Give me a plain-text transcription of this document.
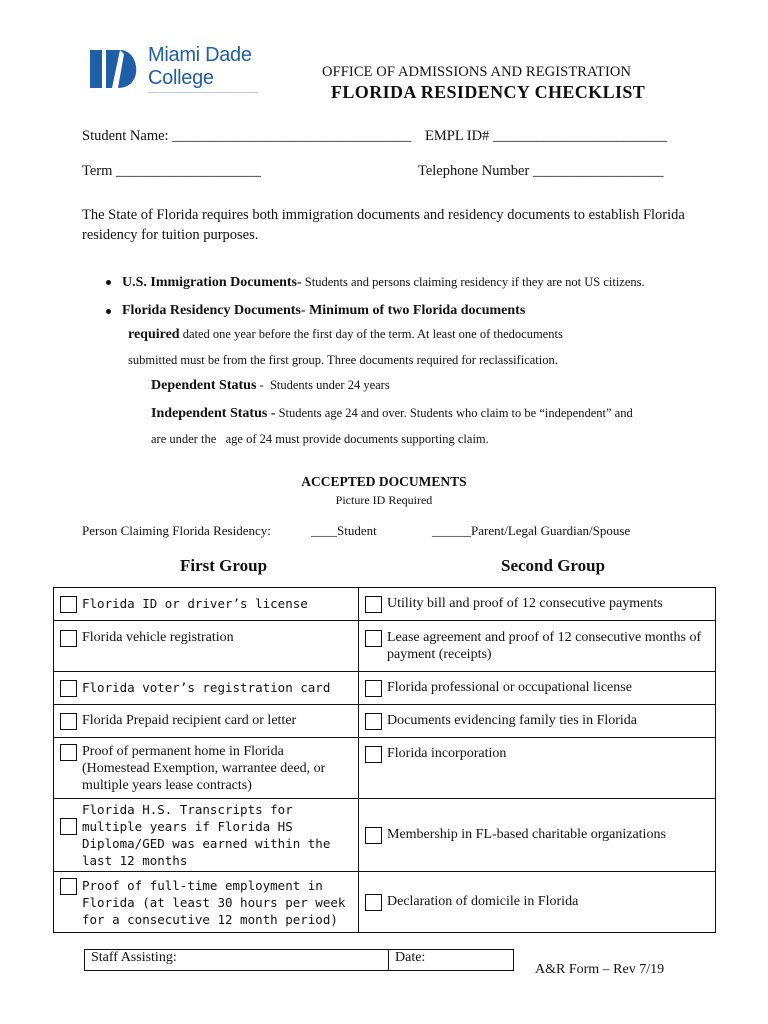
Miami Dade
College	OFFICE OF ADMISSIONS AND REGISTRATION
FLORIDA RESIDENCY CHECKLIST
Student Name: _________________________________ EMPL ID# ________________________
Term ____________________	Telephone Number __________________
The State of Florida requires both immigration documents and residency documents to establish Florida residency for tuition purposes.
U.S. Immigration Documents- Students and persons claiming residency if they are not US citizens.
Florida Residency Documents- Minimum of two Florida documents
required dated one year before the first day of the term. At least one of thedocuments
submitted must be from the first group. Three documents required for reclassification.
Dependent Status -  Students under 24 years
Independent Status - Students age 24 and over. Students who claim to be “independent” and
are under the   age of 24 must provide documents supporting claim.
ACCEPTED DOCUMENTS
Picture ID Required
Person Claiming Florida Residency:	____Student	______Parent/Legal Guardian/Spouse
First Group	Second Group
Florida ID or driver’s license	Utility bill and proof of 12 consecutive payments

Florida vehicle registration	Lease agreement and proof of 12 consecutive months of payment (receipts)

Florida voter’s registration card	Florida professional or occupational license

Florida Prepaid recipient card or letter	Documents evidencing family ties in Florida

Proof of permanent home in Florida (Homestead Exemption, warrantee deed, or multiple years lease contracts)	Florida incorporation

Florida H.S. Transcripts for multiple years if Florida HS Diploma/GED was earned within the last 12 months	Membership in FL-based charitable organizations

Proof of full-time employment in Florida (at least 30 hours per week for a consecutive 12 month period)	Declaration of domicile in Florida
Staff Assisting:	Date:
A&R Form – Rev 7/19
